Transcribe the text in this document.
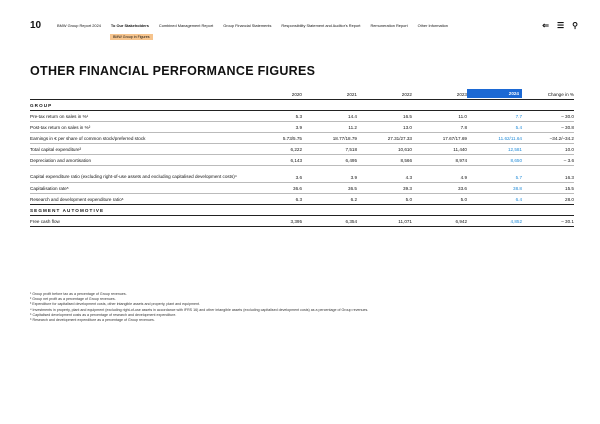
10	BMW Group Report 2024	To Our Stakeholders	Combined Management Report	Group Financial Statements	Responsibility Statement and Auditor's Report	Remuneration Report	Other Information
BMW Group in Figures
⇐ ☰ ⚲
OTHER FINANCIAL PERFORMANCE FIGURES
2020	2021	2022	2023	2024	Change in %
GROUP
Pre-tax return on sales in %¹	5.3	14.4	16.5	11.0	7.7	– 30.0
Post-tax return on sales in %²	3.9	11.2	13.0	7.8	5.4	– 30.8
Earnings in € per share of common stock/preferred stock	5.73/5.75	18.77/18.79	27.31/27.33	17.67/17.69	11.62/11.64	–34.2/–34.2
Total capital expenditure³	6,222	7,518	10,610	11,440	12,581	10.0
Depreciation and amortisation	6,143	6,495	8,566	8,974	8,650	– 3.6
Capital expenditure ratio (excluding right-of-use assets and excluding capitalised development costs)⁴	3.6	3.9	4.3	4.9	5.7	16.3
Capitalisation rate⁵	36.6	36.5	39.3	33.6	38.8	15.5
Research and development expenditure ratio⁶	6.3	6.2	5.0	5.0	6.4	28.0
SEGMENT AUTOMOTIVE
Free cash flow	3,395	6,354	11,071	6,942	4,852	– 30.1
¹ Group profit before tax as a percentage of Group revenues.
² Group net profit as a percentage of Group revenues.
³ Expenditure for capitalised development costs, other intangible assets and property, plant and equipment.
⁴ Investments in property, plant and equipment (excluding right-of-use assets in accordance with IFRS 16) and other intangible assets (excluding capitalised development costs) as a percentage of Group revenues.
⁵ Capitalised development costs as a percentage of research and development expenditure.
⁶ Research and development expenditure as a percentage of Group revenues.
